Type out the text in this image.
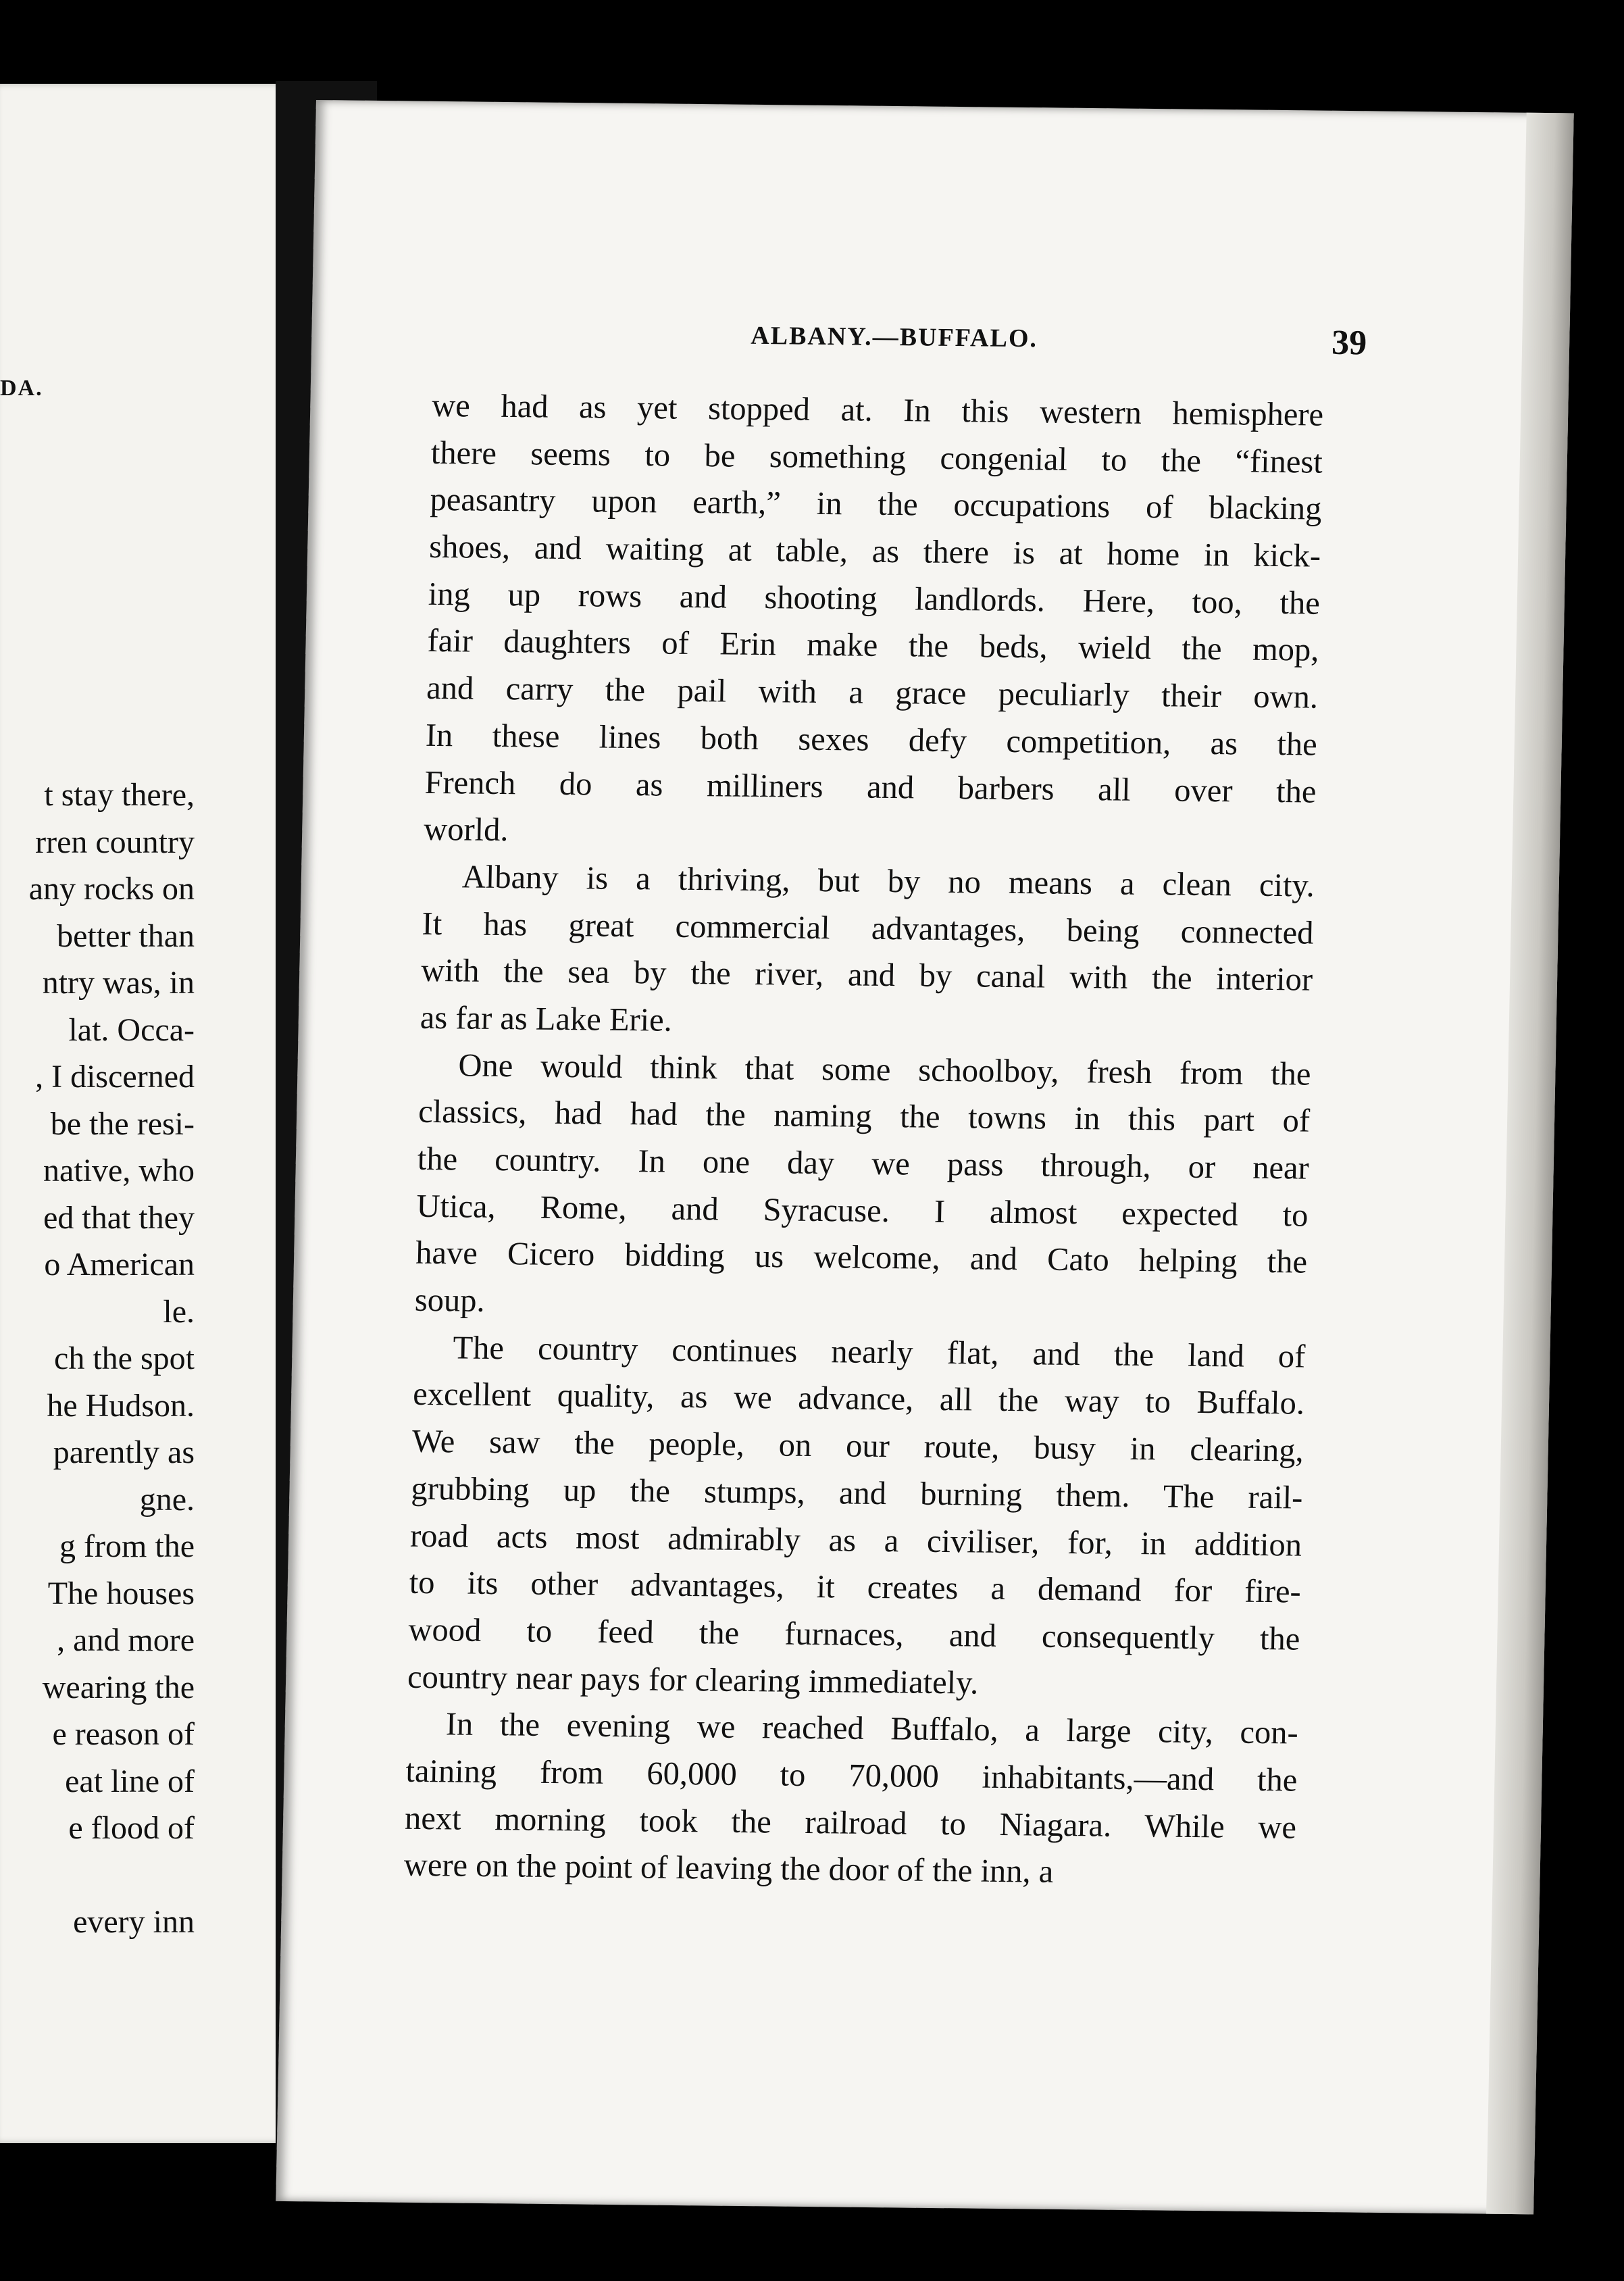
DA.
t stay there,
rren country
any rocks on
better than
ntry was, in
lat. Occa-
, I discerned
be the resi-
native, who
ed that they
o American
le.
ch the spot
he Hudson.
parently as
gne.
g from the
The houses
, and more
wearing the
e reason of
eat line of
e flood of
every inn
ALBANY.—BUFFALO.	39
we had as yet stopped at. In this western hemisphere
there seems to be something congenial to the “finest
peasantry upon earth,” in the occupations of blacking
shoes, and waiting at table, as there is at home in kick-
ing up rows and shooting landlords. Here, too, the
fair daughters of Erin make the beds, wield the mop,
and carry the pail with a grace peculiarly their own.
In these lines both sexes defy competition, as the
French do as milliners and barbers all over the
world.
Albany is a thriving, but by no means a clean city.
It has great commercial advantages, being connected
with the sea by the river, and by canal with the interior
as far as Lake Erie.
One would think that some schoolboy, fresh from the
classics, had had the naming the towns in this part of
the country. In one day we pass through, or near
Utica, Rome, and Syracuse. I almost expected to
have Cicero bidding us welcome, and Cato helping the
soup.
The country continues nearly flat, and the land of
excellent quality, as we advance, all the way to Buffalo.
We saw the people, on our route, busy in clearing,
grubbing up the stumps, and burning them. The rail-
road acts most admirably as a civiliser, for, in addition
to its other advantages, it creates a demand for fire-
wood to feed the furnaces, and consequently the
country near pays for clearing immediately.
In the evening we reached Buffalo, a large city, con-
taining from 60,000 to 70,000 inhabitants,—and the
next morning took the railroad to Niagara. While we
were on the point of leaving the door of the inn, a
